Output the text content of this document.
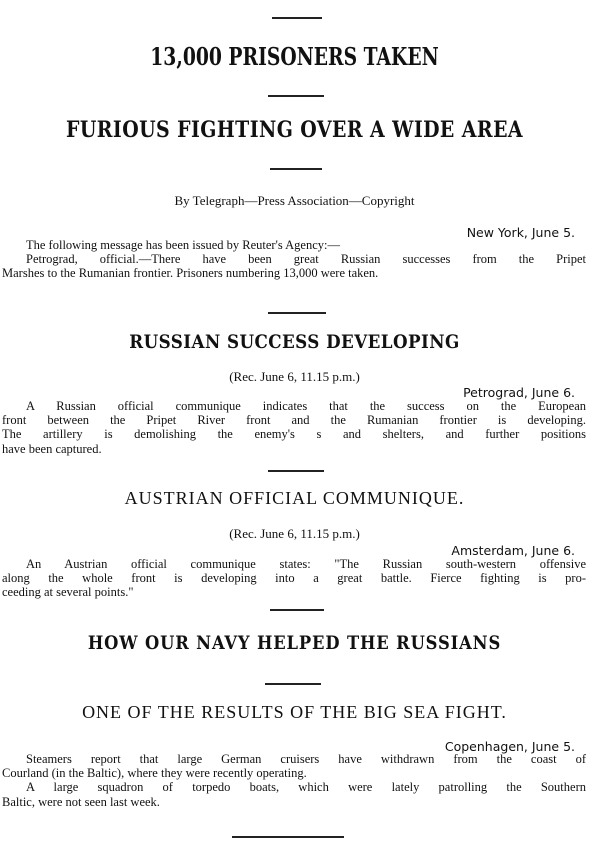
13,000 PRISONERS TAKEN
FURIOUS FIGHTING OVER A WIDE AREA
By Telegraph—Press Association—Copyright
New York, June 5.
The following message has been issued by Reuter's Agency:—
Petrograd, official.—There have been great Russian successes from the Pripet
Marshes to the Rumanian frontier. Prisoners numbering 13,000 were taken.
RUSSIAN SUCCESS DEVELOPING
(Rec. June 6, 11.15 p.m.)
Petrograd, June 6.
A Russian official communique indicates that the success on the European
front between the Pripet River front and the Rumanian frontier is developing.
The artillery is demolishing the enemy's s and shelters, and further positions
have been captured.
AUSTRIAN OFFICIAL COMMUNIQUE.
(Rec. June 6, 11.15 p.m.)
Amsterdam, June 6.
An Austrian official communique states: "The Russian south-western offensive
along the whole front is developing into a great battle. Fierce fighting is pro-
ceeding at several points."
HOW OUR NAVY HELPED THE RUSSIANS
ONE OF THE RESULTS OF THE BIG SEA FIGHT.
Copenhagen, June 5.
Steamers report that large German cruisers have withdrawn from the coast of
Courland (in the Baltic), where they were recently operating.
A large squadron of torpedo boats, which were lately patrolling the Southern
Baltic, were not seen last week.
